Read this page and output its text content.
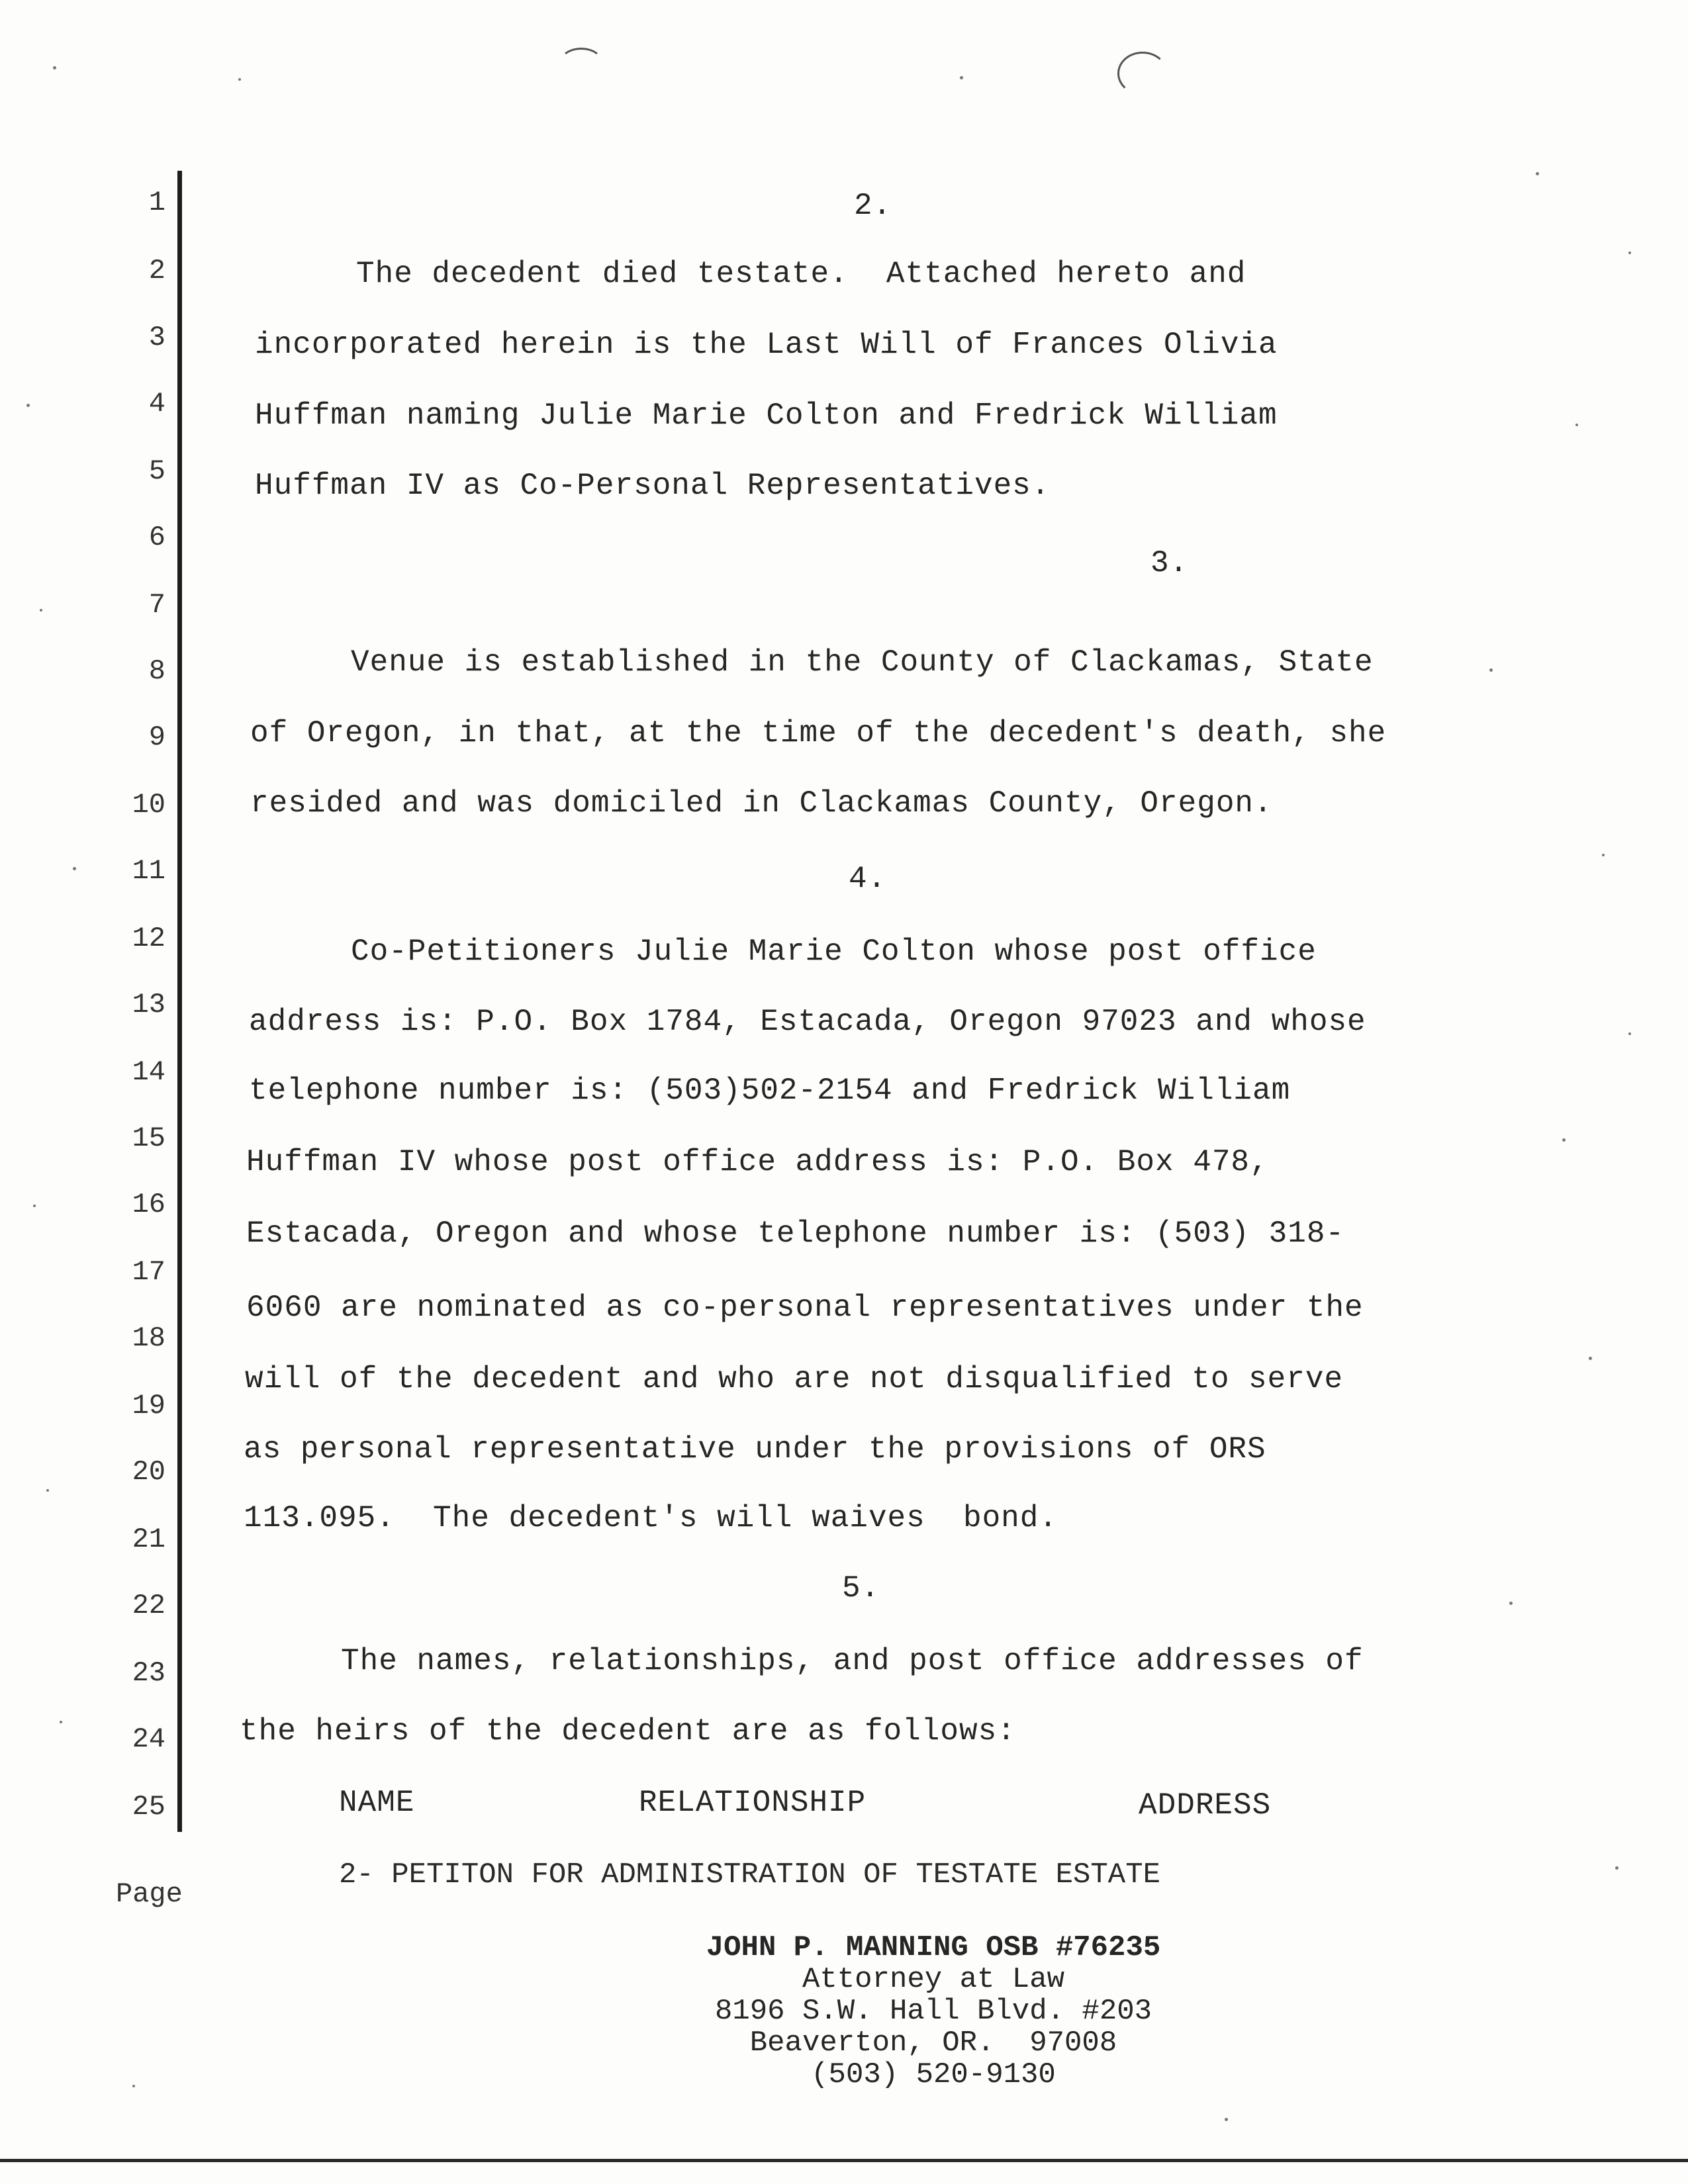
1
2
3
4
5
6
7
8
9
10
11
12
13
14
15
16
17
18
19
20
21
22
23
24
25
Page
2.
The decedent died testate.  Attached hereto and
incorporated herein is the Last Will of Frances Olivia
Huffman naming Julie Marie Colton and Fredrick William
Huffman IV as Co-Personal Representatives.
3.
Venue is established in the County of Clackamas, State
of Oregon, in that, at the time of the decedent's death, she
resided and was domiciled in Clackamas County, Oregon.
4.
Co-Petitioners Julie Marie Colton whose post office
address is: P.O. Box 1784, Estacada, Oregon 97023 and whose
telephone number is: (503)502-2154 and Fredrick William
Huffman IV whose post office address is: P.O. Box 478,
Estacada, Oregon and whose telephone number is: (503) 318-
6060 are nominated as co-personal representatives under the
will of the decedent and who are not disqualified to serve
as personal representative under the provisions of ORS
113.095.  The decedent's will waives  bond.
5.
The names, relationships, and post office addresses of
the heirs of the decedent are as follows:
NAME	RELATIONSHIP	ADDRESS
2- PETITON FOR ADMINISTRATION OF TESTATE ESTATE
JOHN P. MANNING OSB #76235
Attorney at Law
8196 S.W. Hall Blvd. #203
Beaverton, OR.  97008
(503) 520-9130
